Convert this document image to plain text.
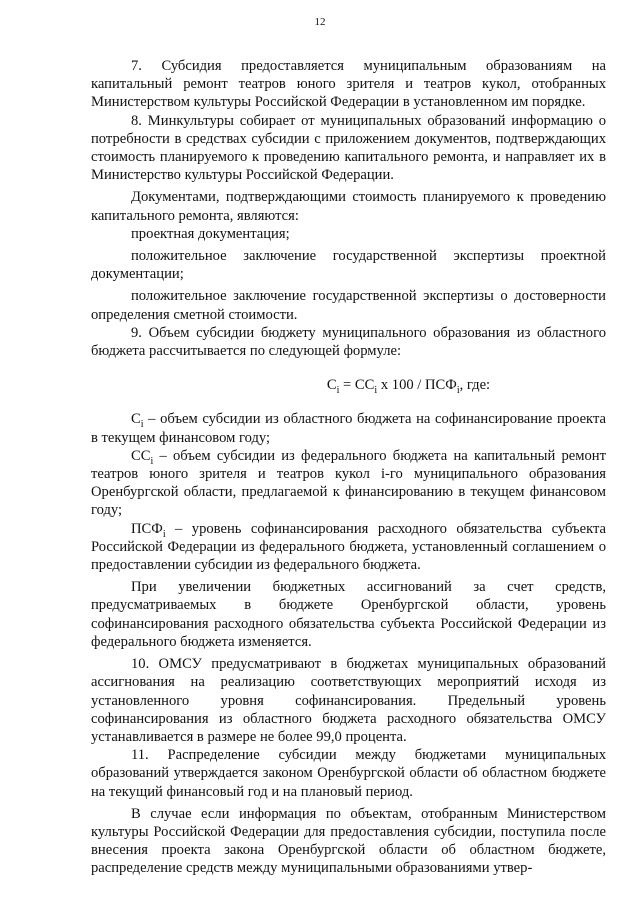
12

7. Субсидия предоставляется муниципальным образованиям на капитальный ремонт театров юного зрителя и театров кукол, отобранных Министерством культуры Российской Федерации в установленном им порядке.

8. Минкультуры собирает от муниципальных образований информацию о потребности в средствах субсидии с приложением документов, подтверждающих стоимость планируемого к проведению капитального ремонта, и направляет их в Министерство культуры Российской Федерации.

Документами, подтверждающими стоимость планируемого к проведению капитального ремонта, являются:

проектная документация;

положительное заключение государственной экспертизы проектной документации;

положительное заключение государственной экспертизы о достоверности определения сметной стоимости.

9. Объем субсидии бюджету муниципального образования из областного бюджета рассчитывается по следующей формуле:

$C_i = СС_i$ х $100 / ПСФ_i$, где:

$С_i$ – объем субсидии из областного бюджета на софинансирование проекта в текущем финансовом году;

$СС_i$ – объем субсидии из федерального бюджета на капитальный ремонт театров юного зрителя и театров кукол i-го муниципального образования Оренбургской области, предлагаемой к финансированию в текущем финансовом году;

$ПСФ_i$ – уровень софинансирования расходного обязательства субъекта Российской Федерации из федерального бюджета, установленный соглашением о предоставлении субсидии из федерального бюджета.

При увеличении бюджетных ассигнований за счет средств, предусматриваемых в бюджете Оренбургской области, уровень софинансирования расходного обязательства субъекта Российской Федерации из федерального бюджета изменяется.

10. ОМСУ предусматривают в бюджетах муниципальных образований ассигнования на реализацию соответствующих мероприятий исходя из установленного уровня софинансирования. Предельный уровень софинансирования из областного бюджета расходного обязательства ОМСУ устанавливается в размере не более 99,0 процента.

11. Распределение субсидии между бюджетами муниципальных образований утверждается законом Оренбургской области об областном бюджете на текущий финансовый год и на плановый период.

В случае если информация по объектам, отобранным Министерством культуры Российской Федерации для предоставления субсидии, поступила после внесения проекта закона Оренбургской области об областном бюджете, распределение средств между муниципальными образованиями утвер-
